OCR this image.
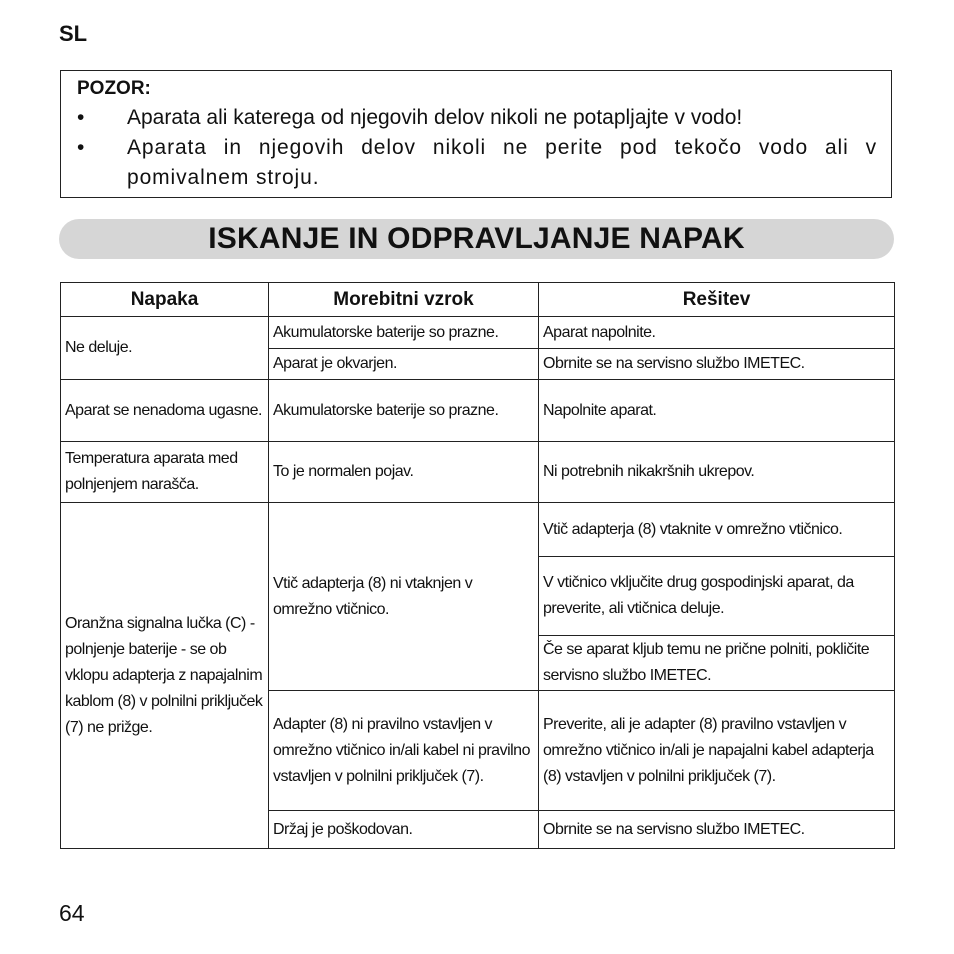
SL
POZOR:
•	Aparata ali katerega od njegovih delov nikoli ne potapljajte v vodo!
•	Aparata in njegovih delov nikoli ne perite pod tekočo vodo ali v pomivalnem stroju.
ISKANJE IN ODPRAVLJANJE NAPAK
Napaka	Morebitni vzrok	Rešitev
Ne deluje.	Akumulatorske baterije so prazne.	Aparat napolnite.
	Aparat je okvarjen.	Obrnite se na servisno službo IMETEC.
Aparat se nenadoma ugasne.	Akumulatorske baterije so prazne.	Napolnite aparat.
Temperatura aparata med polnjenjem narašča.	To je normalen pojav.	Ni potrebnih nikakršnih ukrepov.
Oranžna signalna lučka (C) - polnjenje baterije - se ob vklopu adapterja z napajalnim kablom (8) v polnilni priključek (7) ne prižge.	Vtič adapterja (8) ni vtaknjen v omrežno vtičnico.	Vtič adapterja (8) vtaknite v omrežno vtičnico.
		V vtičnico vključite drug gospodinjski aparat, da preverite, ali vtičnica deluje.
		Če se aparat kljub temu ne prične polniti, pokličite servisno službo IMETEC.
	Adapter (8) ni pravilno vstavljen v omrežno vtičnico in/ali kabel ni pravilno vstavljen v polnilni priključek (7).	Preverite, ali je adapter (8) pravilno vstavljen v omrežno vtičnico in/ali je napajalni kabel adapterja (8) vstavljen v polnilni priključek (7).
	Držaj je poškodovan.	Obrnite se na servisno službo IMETEC.
64
